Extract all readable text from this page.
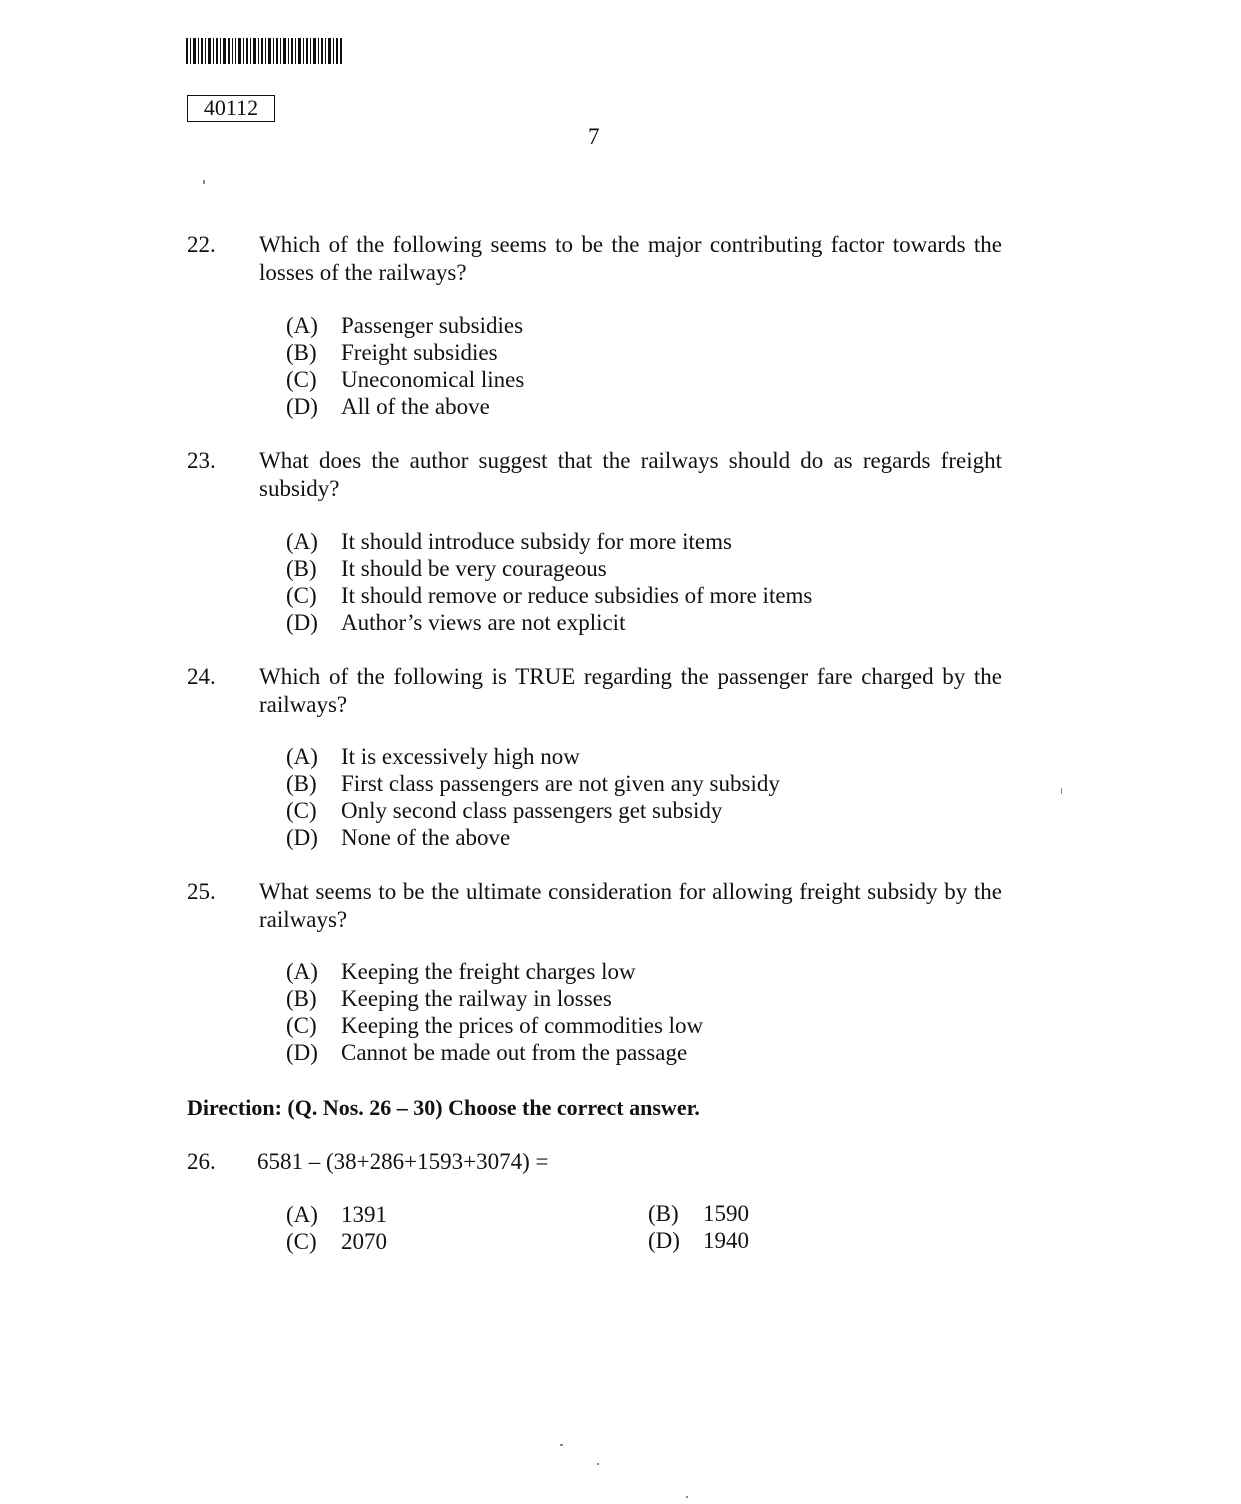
40112
7
22. Which of the following seems to be the major contributing factor towards the losses of the railways?
(A) Passenger subsidies
(B) Freight subsidies
(C) Uneconomical lines
(D) All of the above
23. What does the author suggest that the railways should do as regards freight subsidy?
(A) It should introduce subsidy for more items
(B) It should be very courageous
(C) It should remove or reduce subsidies of more items
(D) Author’s views are not explicit
24. Which of the following is TRUE regarding the passenger fare charged by the railways?
(A) It is excessively high now
(B) First class passengers are not given any subsidy
(C) Only second class passengers get subsidy
(D) None of the above
25. What seems to be the ultimate consideration for allowing freight subsidy by the railways?
(A) Keeping the freight charges low
(B) Keeping the railway in losses
(C) Keeping the prices of commodities low
(D) Cannot be made out from the passage
Direction: (Q. Nos. 26 – 30) Choose the correct answer.
26. 6581 – (38+286+1593+3074) =
(A) 1391	(B) 1590
(C) 2070	(D) 1940
